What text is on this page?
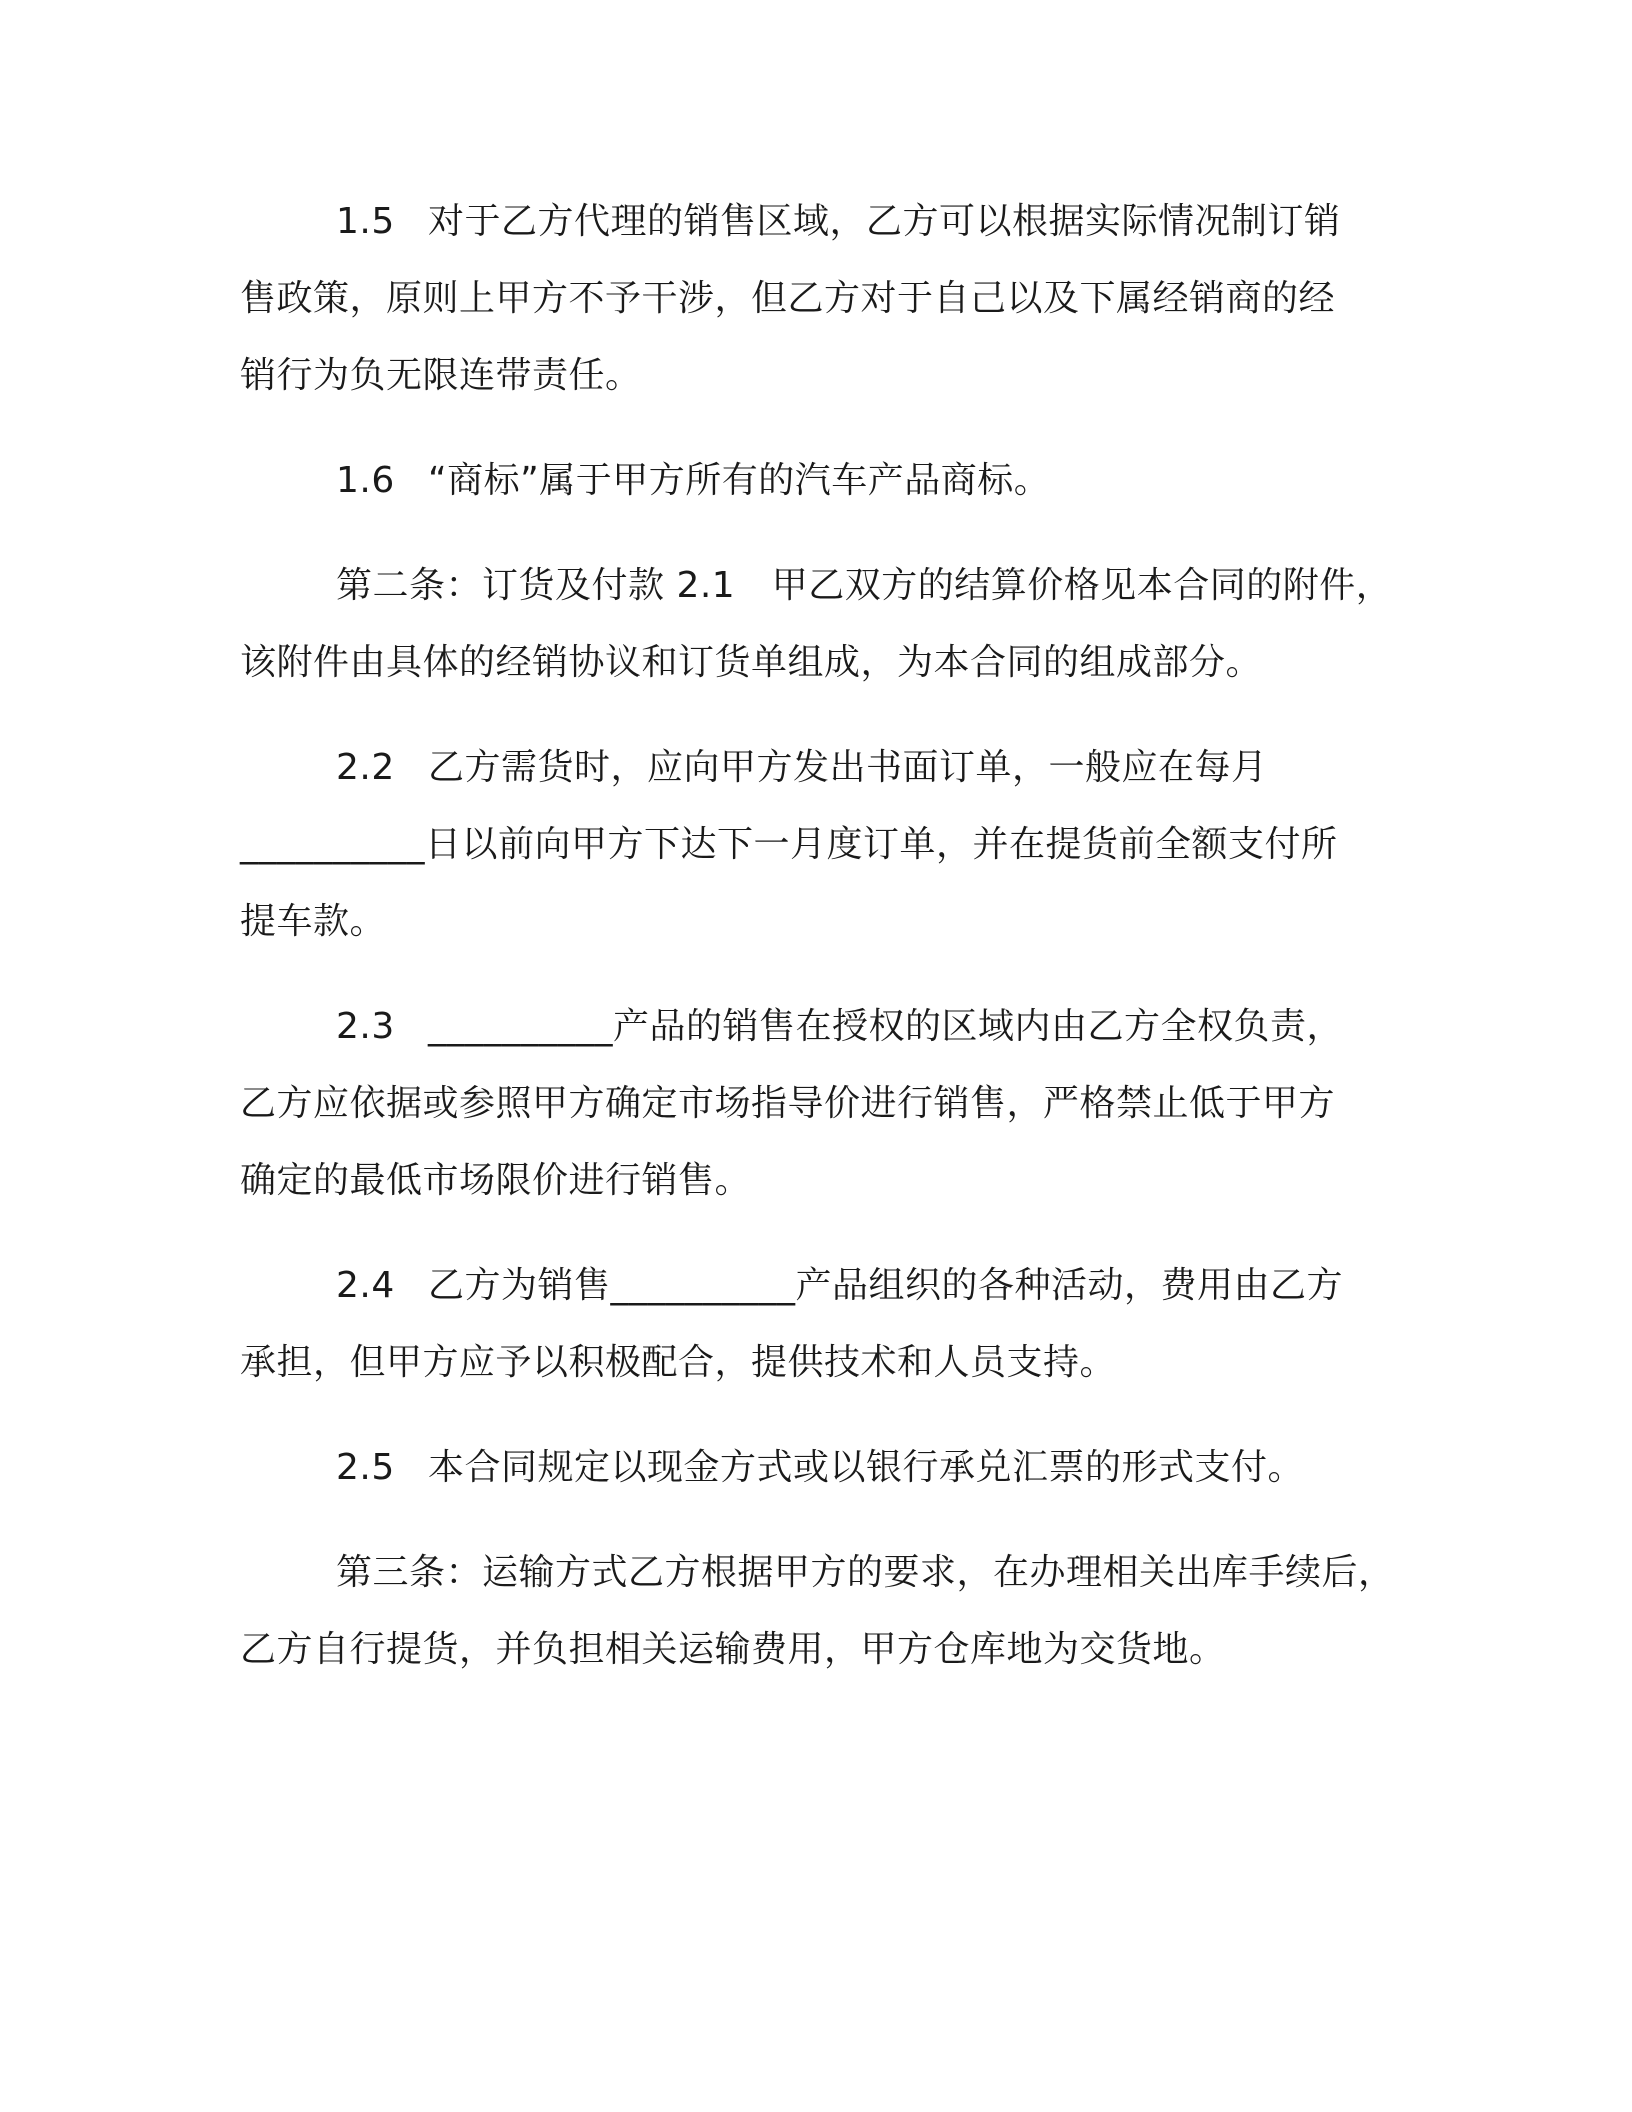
1.5 对于乙方代理的销售区域，乙方可以根据实际情况制订销
售政策，原则上甲方不予干涉，但乙方对于自己以及下属经销商的经
销行为负无限连带责任。

1.6 “商标”属于甲方所有的汽车产品商标。

第二条：订货及付款 2.1　甲乙双方的结算价格见本合同的附件，
该附件由具体的经销协议和订货单组成，为本合同的组成部分。

2.2 乙方需货时，应向甲方发出书面订单，一般应在每月
__________日以前向甲方下达下一月度订单，并在提货前全额支付所
提车款。

2.3 __________产品的销售在授权的区域内由乙方全权负责，
乙方应依据或参照甲方确定市场指导价进行销售，严格禁止低于甲方
确定的最低市场限价进行销售。

2.4 乙方为销售__________产品组织的各种活动，费用由乙方
承担，但甲方应予以积极配合，提供技术和人员支持。

2.5 本合同规定以现金方式或以银行承兑汇票的形式支付。

第三条：运输方式乙方根据甲方的要求，在办理相关出库手续后，
乙方自行提货，并负担相关运输费用，甲方仓库地为交货地。
